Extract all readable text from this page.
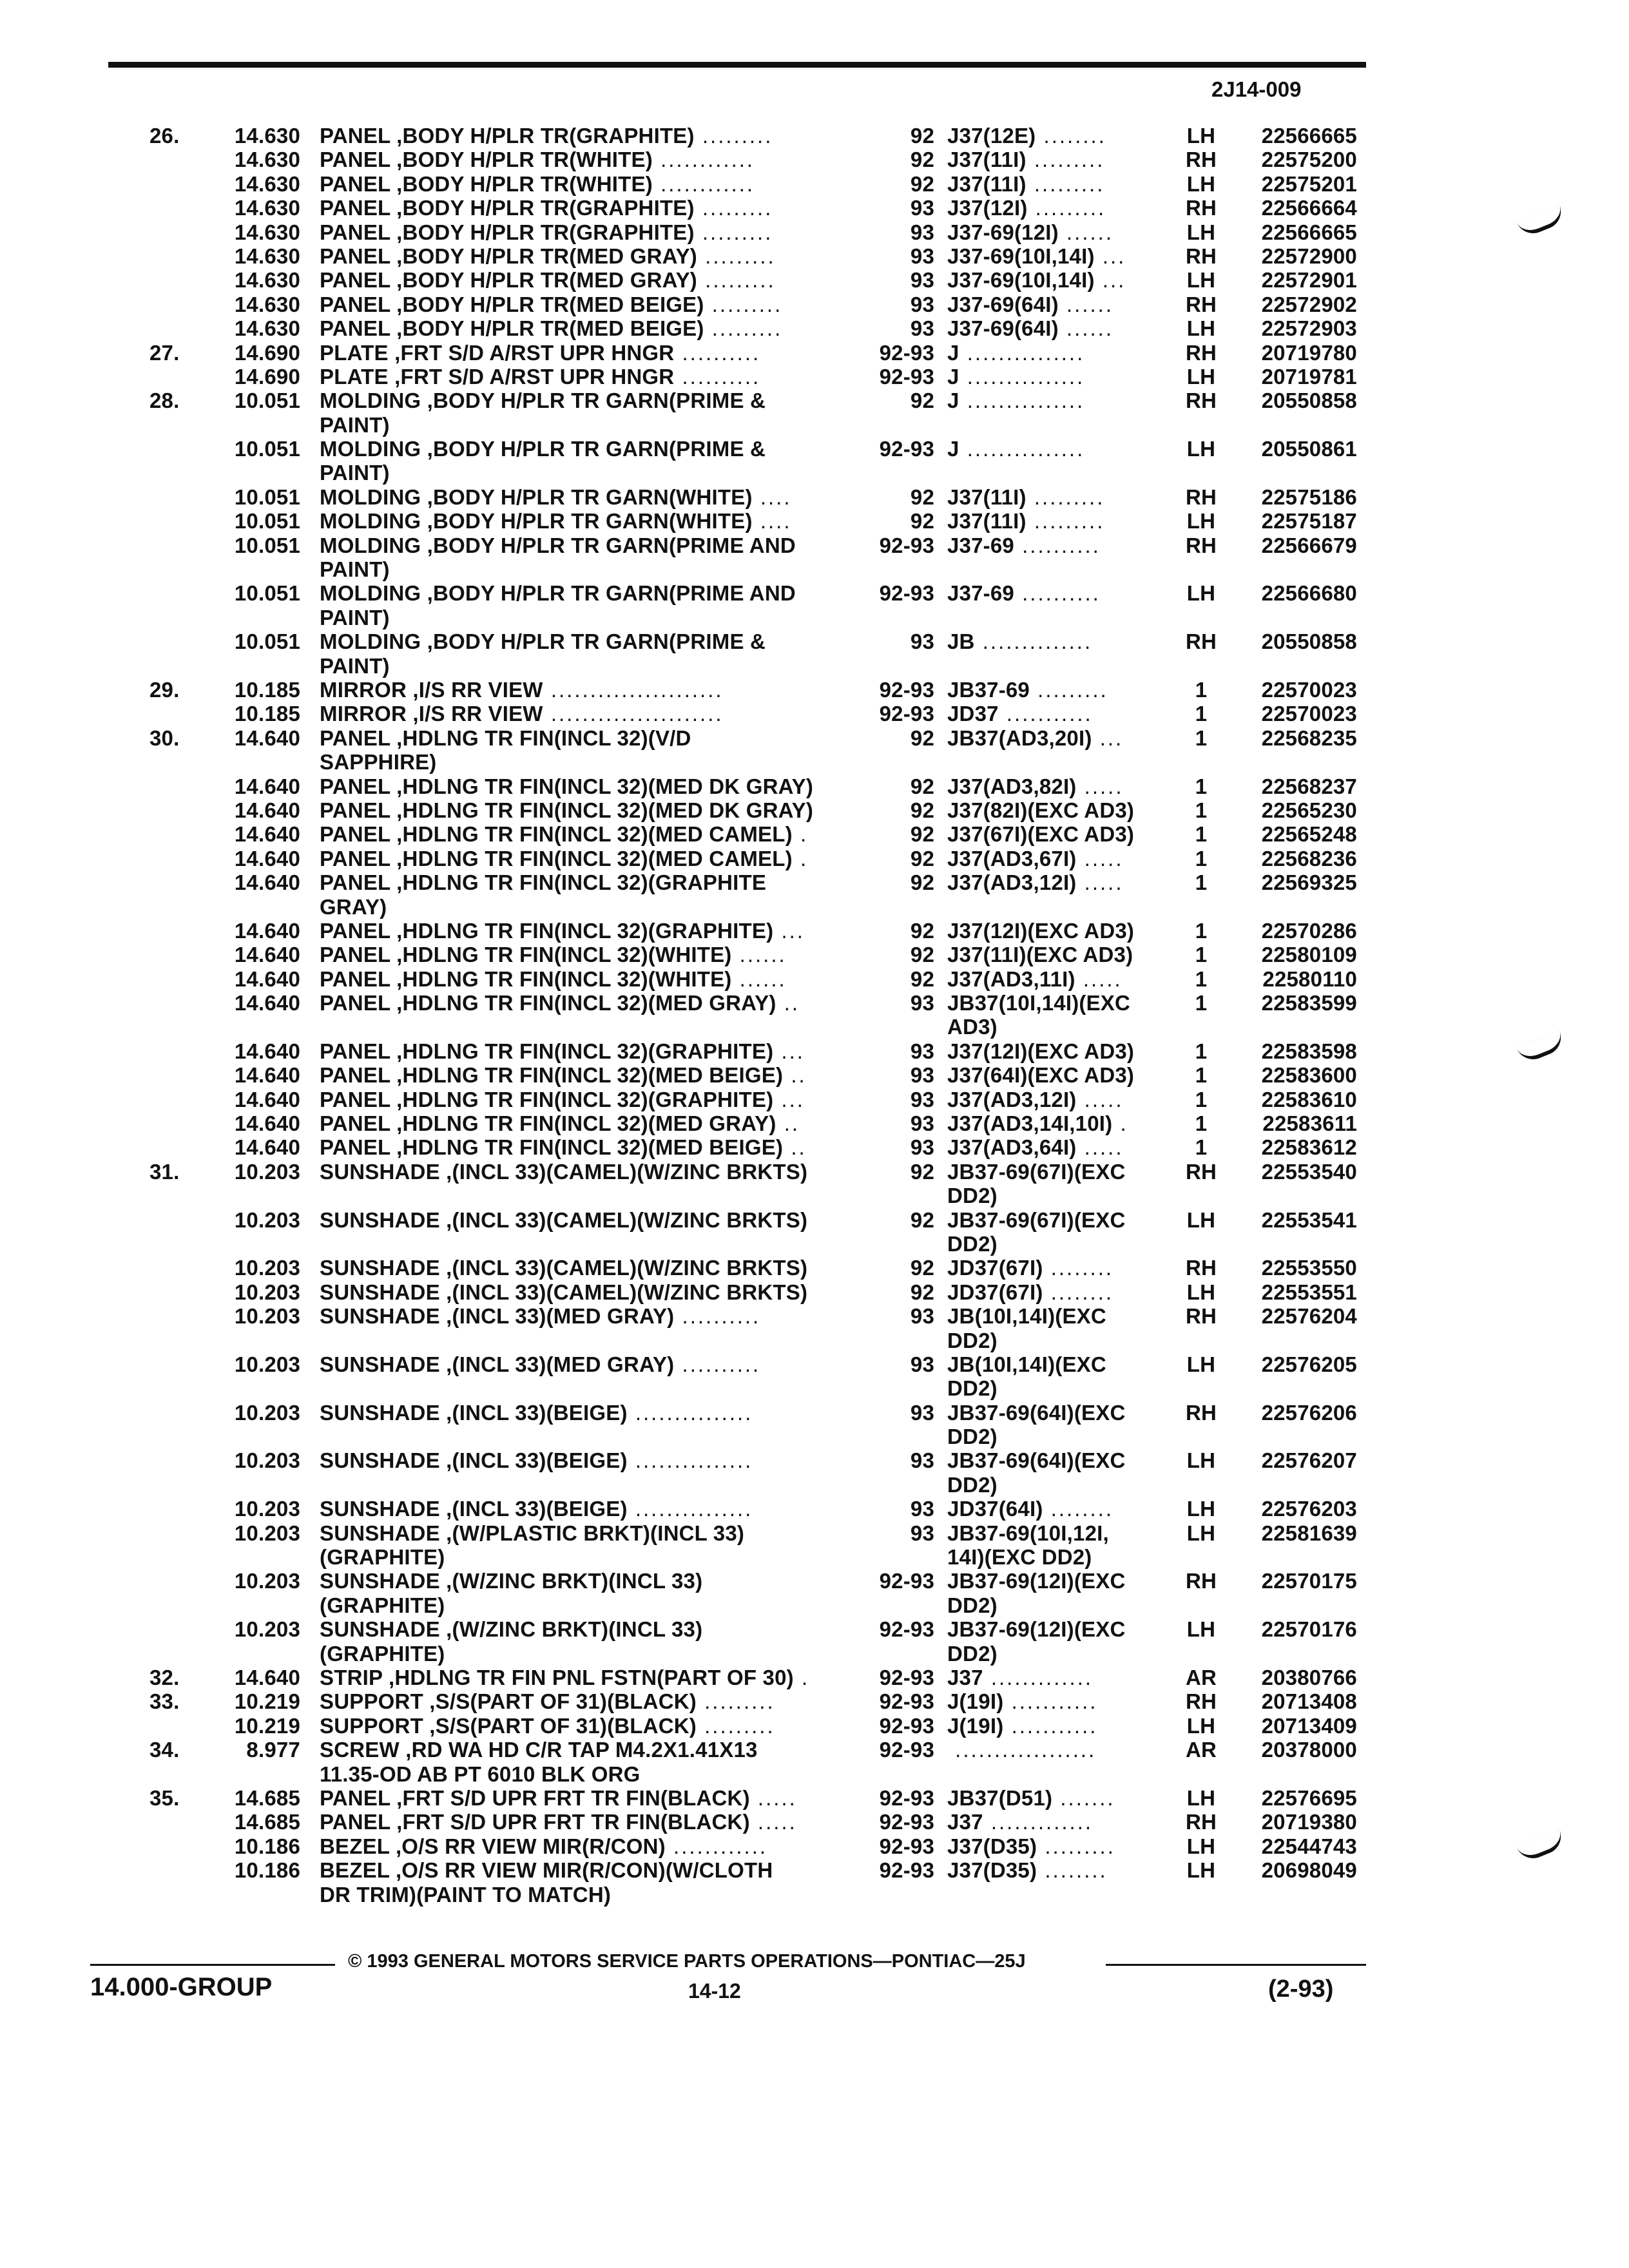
2J14-009
26.	14.630 PANEL ,BODY H/PLR TR(GRAPHITE) .........	92 J37(12E) ........	LH 22566665
14.630 PANEL ,BODY H/PLR TR(WHITE) ............	92 J37(11I) .........	RH 22575200
14.630 PANEL ,BODY H/PLR TR(WHITE) ............	92 J37(11I) .........	LH 22575201
14.630 PANEL ,BODY H/PLR TR(GRAPHITE) .........	93 J37(12I) .........	RH 22566664
14.630 PANEL ,BODY H/PLR TR(GRAPHITE) .........	93 J37-69(12I) ......	LH 22566665
14.630 PANEL ,BODY H/PLR TR(MED GRAY) .........	93 J37-69(10I,14I) ...	RH 22572900
14.630 PANEL ,BODY H/PLR TR(MED GRAY) .........	93 J37-69(10I,14I) ...	LH 22572901
14.630 PANEL ,BODY H/PLR TR(MED BEIGE) .........	93 J37-69(64I) ......	RH 22572902
14.630 PANEL ,BODY H/PLR TR(MED BEIGE) .........	93 J37-69(64I) ......	LH 22572903
27.	14.690 PLATE ,FRT S/D A/RST UPR HNGR ..........	92-93 J ...............	RH 20719780
14.690 PLATE ,FRT S/D A/RST UPR HNGR ..........	92-93 J ...............	LH 20719781
28.	10.051 MOLDING ,BODY H/PLR TR GARN(PRIME &	92 J ...............	RH 20550858
PAINT)
10.051 MOLDING ,BODY H/PLR TR GARN(PRIME &	92-93 J ...............	LH 20550861
PAINT)
10.051 MOLDING ,BODY H/PLR TR GARN(WHITE) ....	92 J37(11I) .........	RH 22575186
10.051 MOLDING ,BODY H/PLR TR GARN(WHITE) ....	92 J37(11I) .........	LH 22575187
10.051 MOLDING ,BODY H/PLR TR GARN(PRIME AND	92-93 J37-69 ..........	RH 22566679
PAINT)
10.051 MOLDING ,BODY H/PLR TR GARN(PRIME AND	92-93 J37-69 ..........	LH 22566680
PAINT)
10.051 MOLDING ,BODY H/PLR TR GARN(PRIME &	93 JB ..............	RH 20550858
PAINT)
29.	10.185 MIRROR ,I/S RR VIEW ......................	92-93 JB37-69 .........	1	22570023
10.185 MIRROR ,I/S RR VIEW ......................	92-93 JD37 ...........	1	22570023
30.	14.640 PANEL ,HDLNG TR FIN(INCL 32)(V/D	92 JB37(AD3,20I) ...	1	22568235
SAPPHIRE)
14.640 PANEL ,HDLNG TR FIN(INCL 32)(MED DK GRAY)	92 J37(AD3,82I) .....	1	22568237
14.640 PANEL ,HDLNG TR FIN(INCL 32)(MED DK GRAY)	92 J37(82I)(EXC AD3)	1	22565230
14.640 PANEL ,HDLNG TR FIN(INCL 32)(MED CAMEL) .	92 J37(67I)(EXC AD3)	1	22565248
14.640 PANEL ,HDLNG TR FIN(INCL 32)(MED CAMEL) .	92 J37(AD3,67I) .....	1	22568236
14.640 PANEL ,HDLNG TR FIN(INCL 32)(GRAPHITE	92 J37(AD3,12I) .....	1	22569325
GRAY)
14.640 PANEL ,HDLNG TR FIN(INCL 32)(GRAPHITE) ...	92 J37(12I)(EXC AD3)	1	22570286
14.640 PANEL ,HDLNG TR FIN(INCL 32)(WHITE) ......	92 J37(11I)(EXC AD3)	1	22580109
14.640 PANEL ,HDLNG TR FIN(INCL 32)(WHITE) ......	92 J37(AD3,11I) .....	1	22580110
14.640 PANEL ,HDLNG TR FIN(INCL 32)(MED GRAY) ..	93 JB37(10I,14I)(EXC	1	22583599
AD3)
14.640 PANEL ,HDLNG TR FIN(INCL 32)(GRAPHITE) ...	93 J37(12I)(EXC AD3)	1	22583598
14.640 PANEL ,HDLNG TR FIN(INCL 32)(MED BEIGE) ..	93 J37(64I)(EXC AD3)	1	22583600
14.640 PANEL ,HDLNG TR FIN(INCL 32)(GRAPHITE) ...	93 J37(AD3,12I) .....	1	22583610
14.640 PANEL ,HDLNG TR FIN(INCL 32)(MED GRAY) ..	93 J37(AD3,14I,10I) .	1	22583611
14.640 PANEL ,HDLNG TR FIN(INCL 32)(MED BEIGE) ..	93 J37(AD3,64I) .....	1	22583612
31.	10.203 SUNSHADE ,(INCL 33)(CAMEL)(W/ZINC BRKTS)	92 JB37-69(67I)(EXC	RH 22553540
DD2)
10.203 SUNSHADE ,(INCL 33)(CAMEL)(W/ZINC BRKTS)	92 JB37-69(67I)(EXC	LH 22553541
DD2)
10.203 SUNSHADE ,(INCL 33)(CAMEL)(W/ZINC BRKTS)	92 JD37(67I) ........	RH 22553550
10.203 SUNSHADE ,(INCL 33)(CAMEL)(W/ZINC BRKTS)	92 JD37(67I) ........	LH 22553551
10.203 SUNSHADE ,(INCL 33)(MED GRAY) ..........	93 JB(10I,14I)(EXC	RH 22576204
DD2)
10.203 SUNSHADE ,(INCL 33)(MED GRAY) ..........	93 JB(10I,14I)(EXC	LH 22576205
DD2)
10.203 SUNSHADE ,(INCL 33)(BEIGE) ...............	93 JB37-69(64I)(EXC	RH 22576206
DD2)
10.203 SUNSHADE ,(INCL 33)(BEIGE) ...............	93 JB37-69(64I)(EXC	LH 22576207
DD2)
10.203 SUNSHADE ,(INCL 33)(BEIGE) ...............	93 JD37(64I) ........	LH 22576203
10.203 SUNSHADE ,(W/PLASTIC BRKT)(INCL 33)	93 JB37-69(10I,12I,	LH 22581639
(GRAPHITE)	14I)(EXC DD2)
10.203 SUNSHADE ,(W/ZINC BRKT)(INCL 33)	92-93 JB37-69(12I)(EXC	RH 22570175
(GRAPHITE)	DD2)
10.203 SUNSHADE ,(W/ZINC BRKT)(INCL 33)	92-93 JB37-69(12I)(EXC	LH 22570176
(GRAPHITE)	DD2)
32.	14.640 STRIP ,HDLNG TR FIN PNL FSTN(PART OF 30) .	92-93 J37 .............	AR 20380766
33.	10.219 SUPPORT ,S/S(PART OF 31)(BLACK) .........	92-93 J(19I) ...........	RH 20713408
10.219 SUPPORT ,S/S(PART OF 31)(BLACK) .........	92-93 J(19I) ...........	LH 20713409
34.	8.977 SCREW ,RD WA HD C/R TAP M4.2X1.41X13	92-93 ..................	AR 20378000
11.35-OD AB PT 6010 BLK ORG
35.	14.685 PANEL ,FRT S/D UPR FRT TR FIN(BLACK) .....	92-93 JB37(D51) .......	LH 22576695
14.685 PANEL ,FRT S/D UPR FRT TR FIN(BLACK) .....	92-93 J37 .............	RH 20719380
10.186 BEZEL ,O/S RR VIEW MIR(R/CON) ............	92-93 J37(D35) .........	LH 22544743
10.186 BEZEL ,O/S RR VIEW MIR(R/CON)(W/CLOTH	92-93 J37(D35) ........	LH 20698049
DR TRIM)(PAINT TO MATCH)
© 1993 GENERAL MOTORS SERVICE PARTS OPERATIONS—PONTIAC—25J
14.000-GROUP	14-12	(2-93)
